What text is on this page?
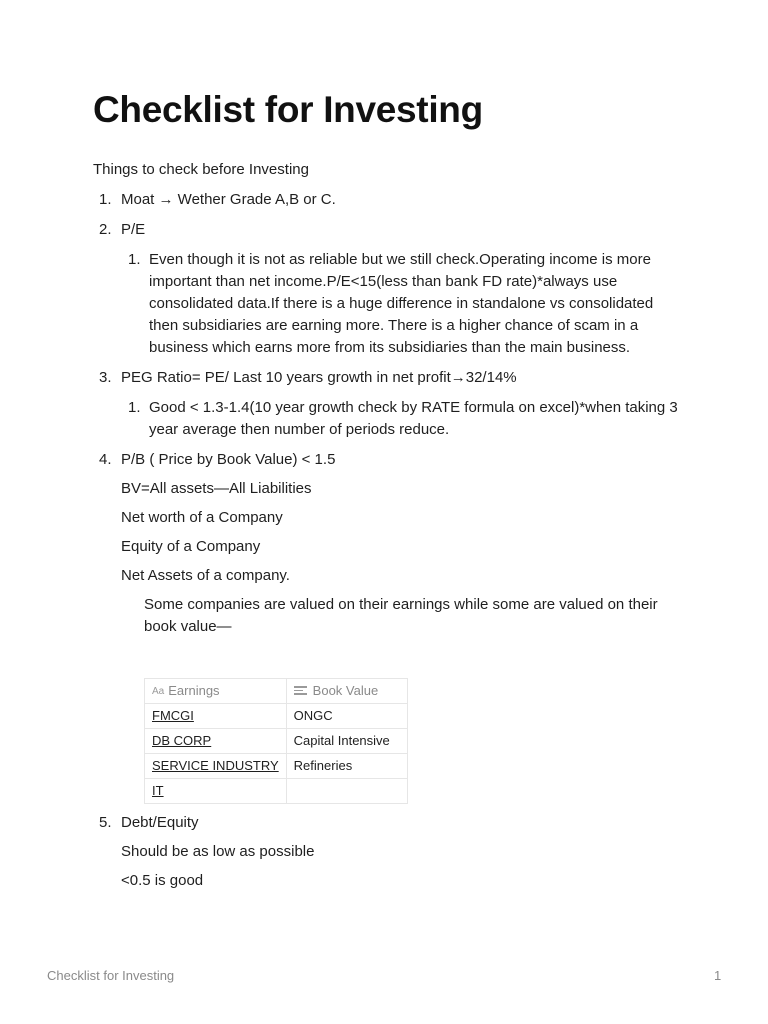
Checklist for Investing

Things to check before Investing

1. Moat → Wether Grade A,B or C.
2. P/E
1. Even though it is not as reliable but we still check.Operating income is more important than net income.P/E<15(less than bank FD rate)*always use consolidated data.If there is a huge difference in standalone vs consolidated then subsidiaries are earning more. There is a higher chance of scam in a business which earns more from its subsidiaries than the main business.
3. PEG Ratio= PE/ Last 10 years growth in net profit→32/14%
1. Good < 1.3-1.4(10 year growth check by RATE formula on excel)*when taking 3 year average then number of periods reduce.
4. P/B ( Price by Book Value) < 1.5

BV=All assets—All Liabilities

Net worth of a Company

Equity of a Company

Net Assets of a company.

Some companies are valued on their earnings while some are valued on their book value—

Aa Earnings	Book Value
FMCGI	ONGC
DB CORP	Capital Intensive
SERVICE INDUSTRY	Refineries
IT	
5. Debt/Equity

Should be as low as possible

<0.5 is good

Checklist for Investing	1
